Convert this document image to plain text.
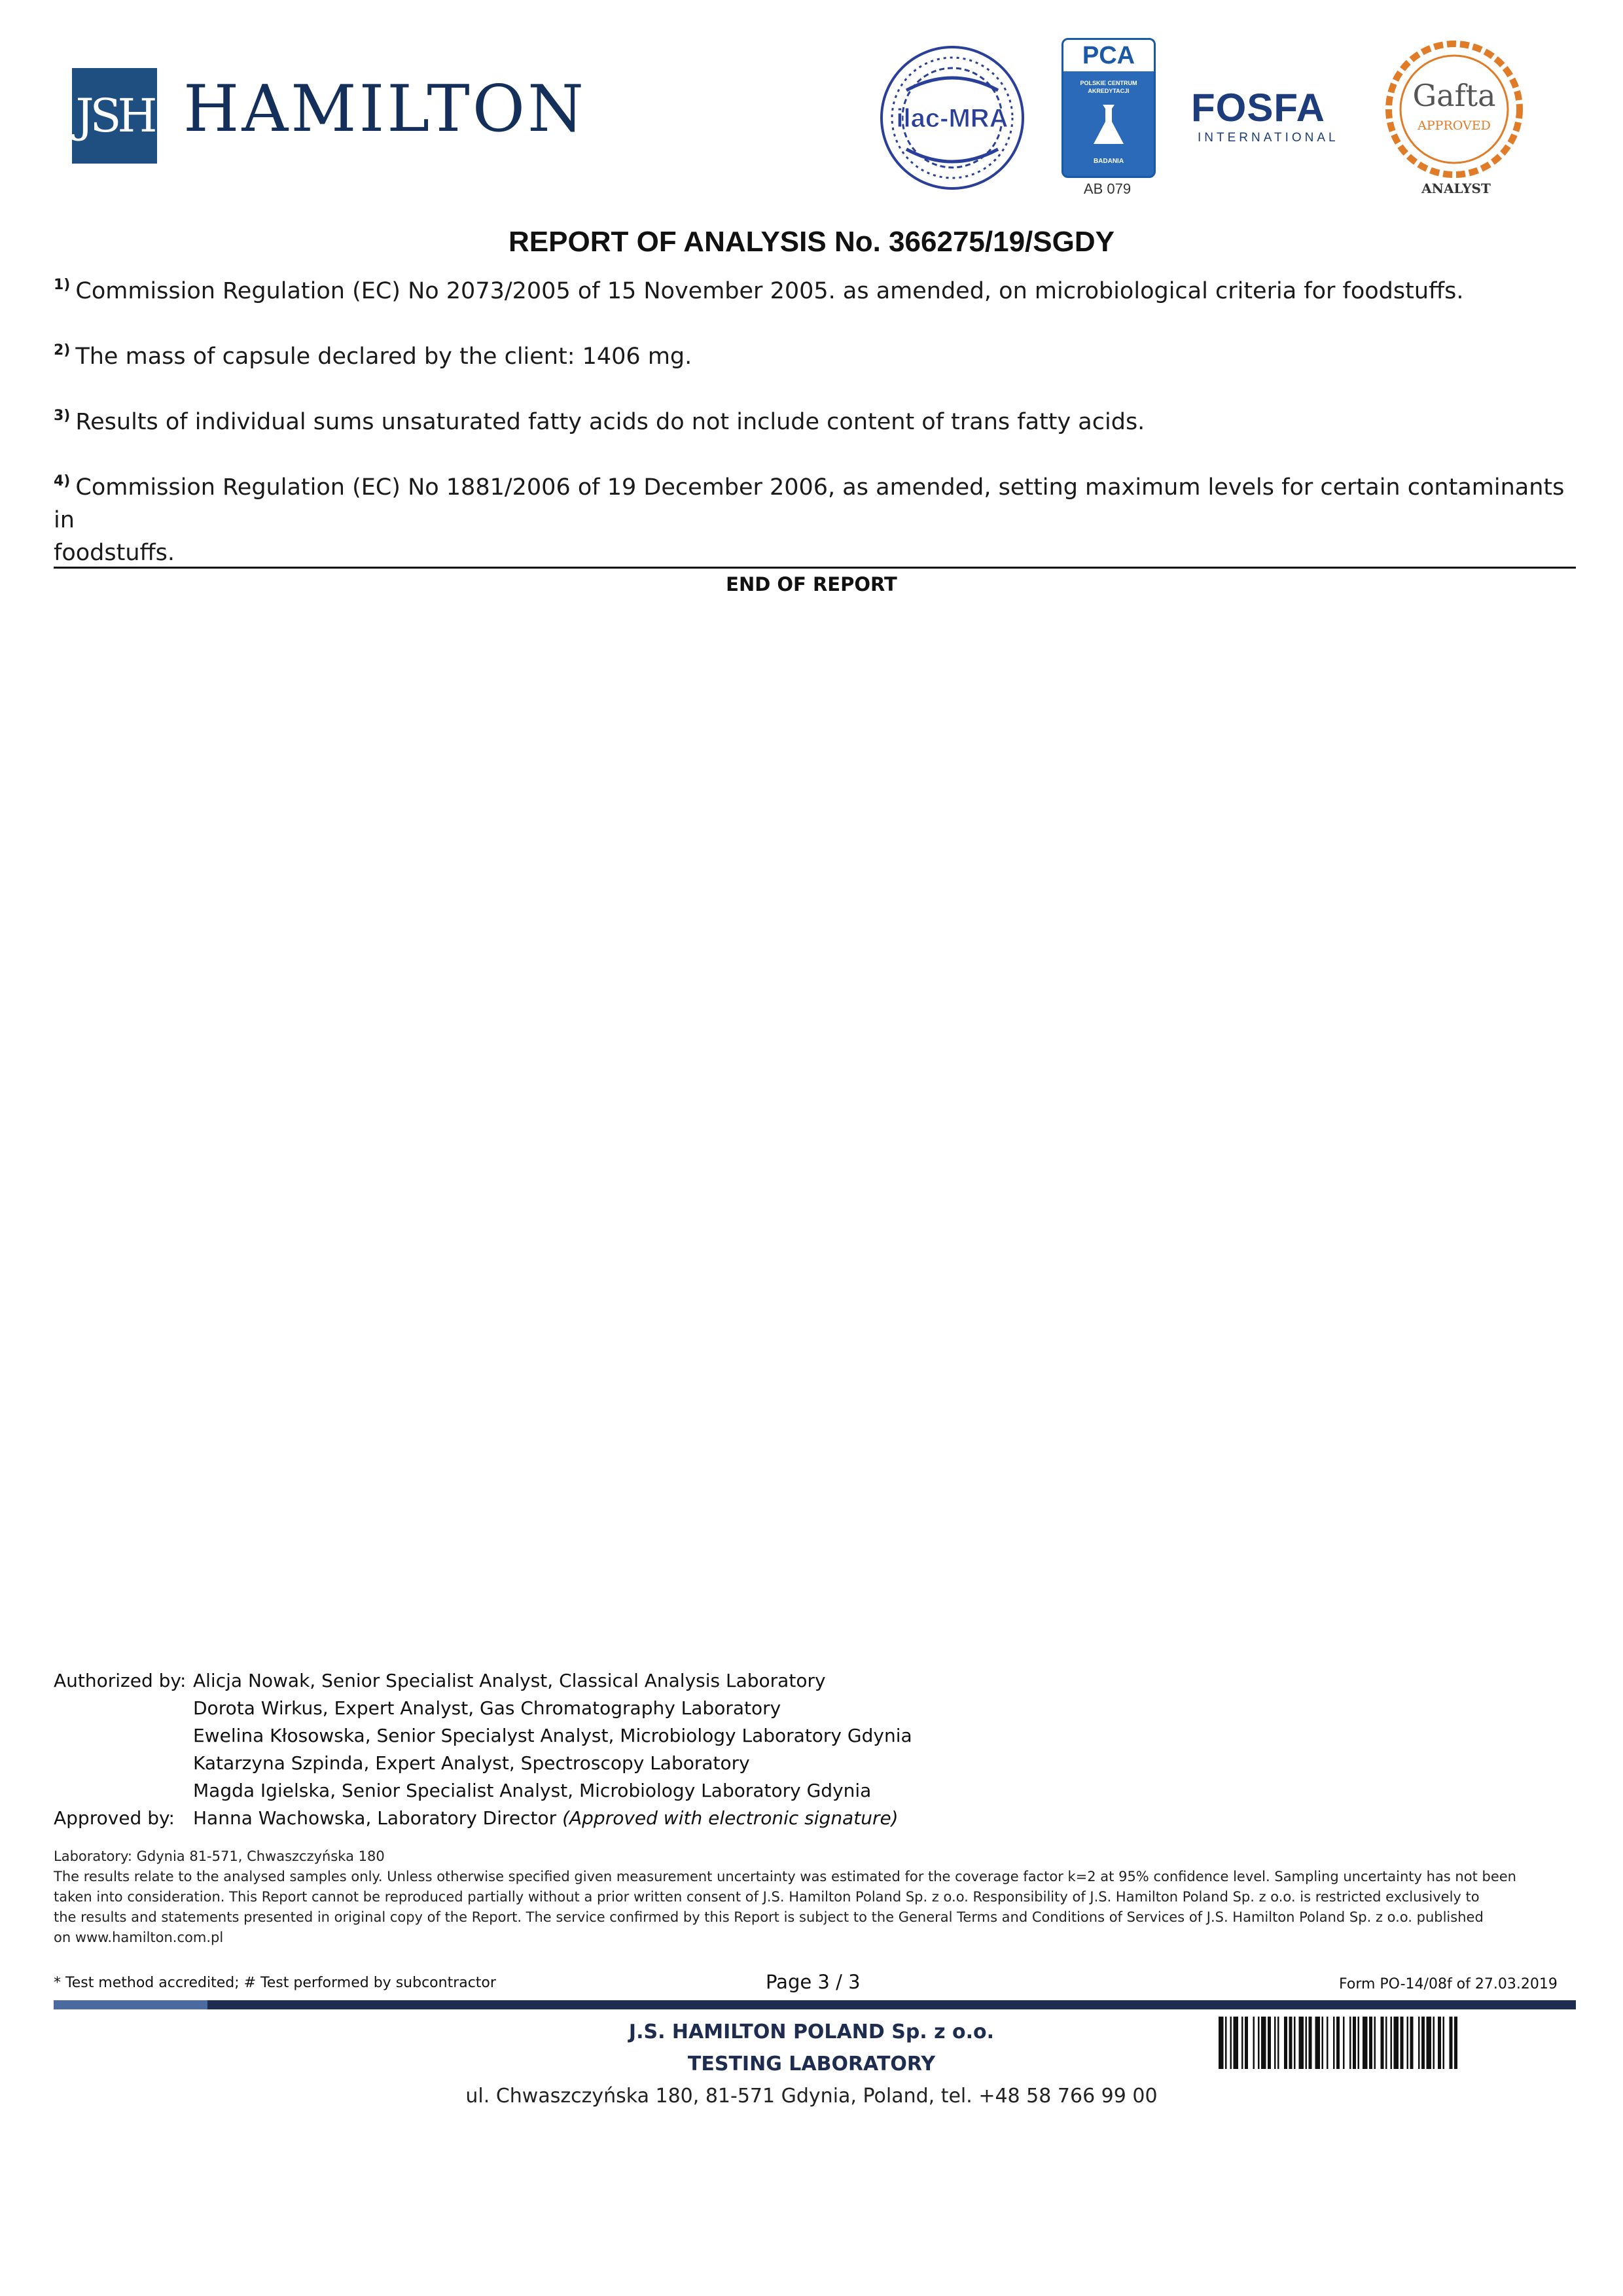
JSH HAMILTON	ilac-MRA
PCA
POLSKIE CENTRUM
AKREDYTACJI
BADANIA
AB 079
FOSFA
INTERNATIONAL
Gafta
APPROVED
ANALYST
REPORT OF ANALYSIS No. 366275/19/SGDY
$^{1)}$ Commission Regulation (EC) No 2073/2005 of 15 November 2005. as amended, on microbiological criteria for foodstuffs.
$^{2)}$ The mass of capsule declared by the client: 1406 mg.
$^{3)}$ Results of individual sums unsaturated fatty acids do not include content of trans fatty acids.
$^{4)}$ Commission Regulation (EC) No 1881/2006 of 19 December 2006, as amended, setting maximum levels for certain contaminants in
foodstuffs.
END OF REPORT
Authorized by: Alicja Nowak, Senior Specialist Analyst, Classical Analysis Laboratory
Dorota Wirkus, Expert Analyst, Gas Chromatography Laboratory
Ewelina Kłosowska, Senior Specialyst Analyst, Microbiology Laboratory Gdynia
Katarzyna Szpinda, Expert Analyst, Spectroscopy Laboratory
Magda Igielska, Senior Specialist Analyst, Microbiology Laboratory Gdynia
Approved by: Hanna Wachowska, Laboratory Director (Approved with electronic signature)
Laboratory: Gdynia 81-571, Chwaszczyńska 180
The results relate to the analysed samples only. Unless otherwise specified given measurement uncertainty was estimated for the coverage factor k=2 at 95% confidence level. Sampling uncertainty has not been
taken into consideration. This Report cannot be reproduced partially without a prior written consent of J.S. Hamilton Poland Sp. z o.o. Responsibility of J.S. Hamilton Poland Sp. z o.o. is restricted exclusively to
the results and statements presented in original copy of the Report. The service confirmed by this Report is subject to the General Terms and Conditions of Services of J.S. Hamilton Poland Sp. z o.o. published
on www.hamilton.com.pl
* Test method accredited; # Test performed by subcontractor	Page 3 / 3	Form PO-14/08f of 27.03.2019
J.S. HAMILTON POLAND Sp. z o.o.
TESTING LABORATORY
ul. Chwaszczyńska 180, 81-571 Gdynia, Poland, tel. +48 58 766 99 00
